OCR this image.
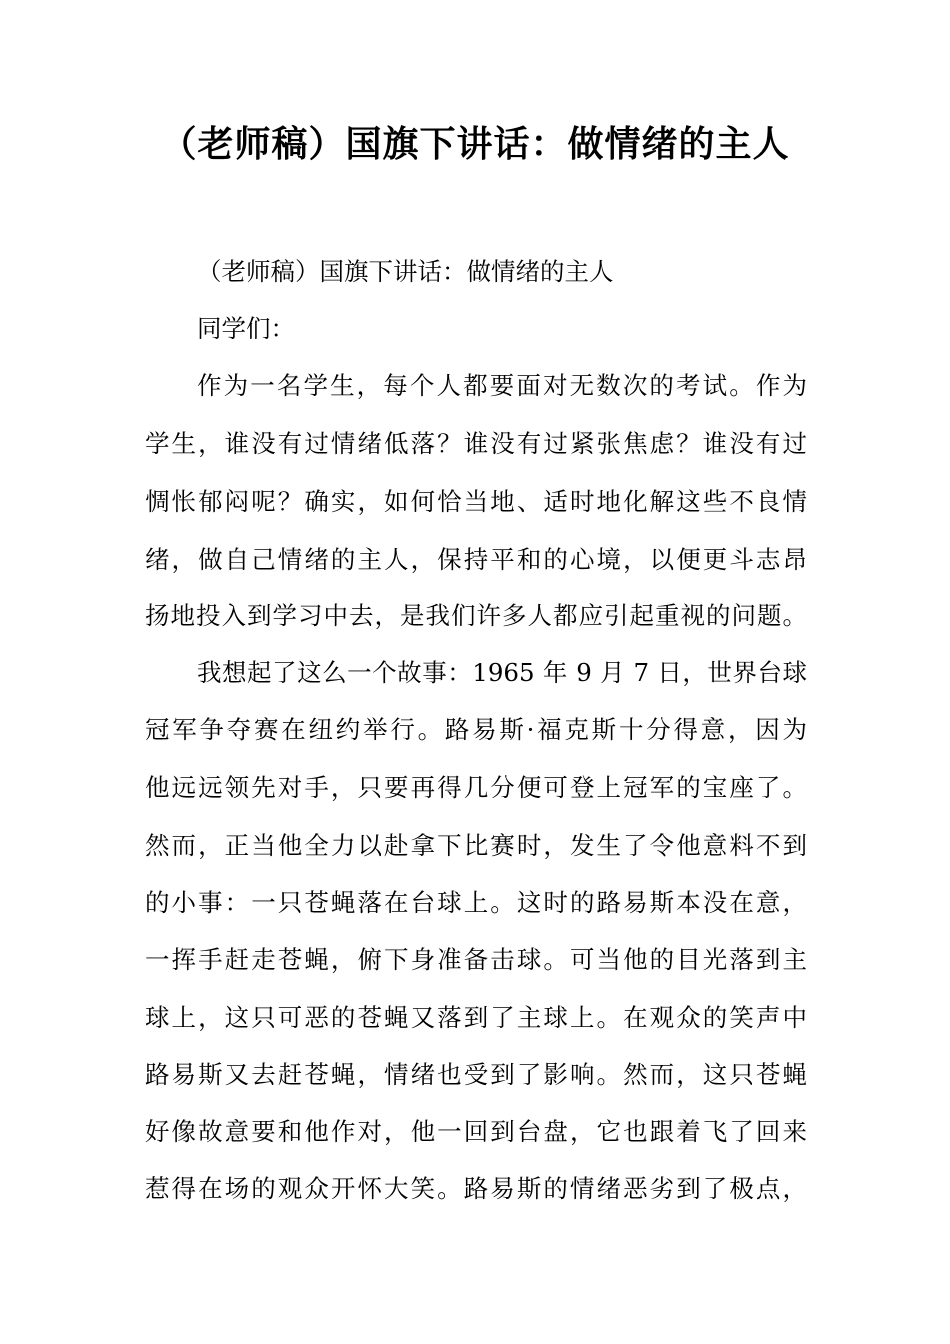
（老师稿）国旗下讲话：做情绪的主人
（老师稿）国旗下讲话：做情绪的主人
同学们：
作为一名学生，每个人都要面对无数次的考试。作为
学生，谁没有过情绪低落？谁没有过紧张焦虑？谁没有过
惆怅郁闷呢？确实，如何恰当地、适时地化解这些不良情
绪，做自己情绪的主人，保持平和的心境，以便更斗志昂
扬地投入到学习中去，是我们许多人都应引起重视的问题。
我想起了这么一个故事：1965 年 9 月 7 日，世界台球
冠军争夺赛在纽约举行。路易斯·福克斯十分得意，因为
他远远领先对手，只要再得几分便可登上冠军的宝座了。
然而，正当他全力以赴拿下比赛时，发生了令他意料不到
的小事：一只苍蝇落在台球上。这时的路易斯本没在意，
一挥手赶走苍蝇，俯下身准备击球。可当他的目光落到主
球上，这只可恶的苍蝇又落到了主球上。在观众的笑声中
路易斯又去赶苍蝇，情绪也受到了影响。然而，这只苍蝇
好像故意要和他作对，他一回到台盘，它也跟着飞了回来
惹得在场的观众开怀大笑。路易斯的情绪恶劣到了极点，
